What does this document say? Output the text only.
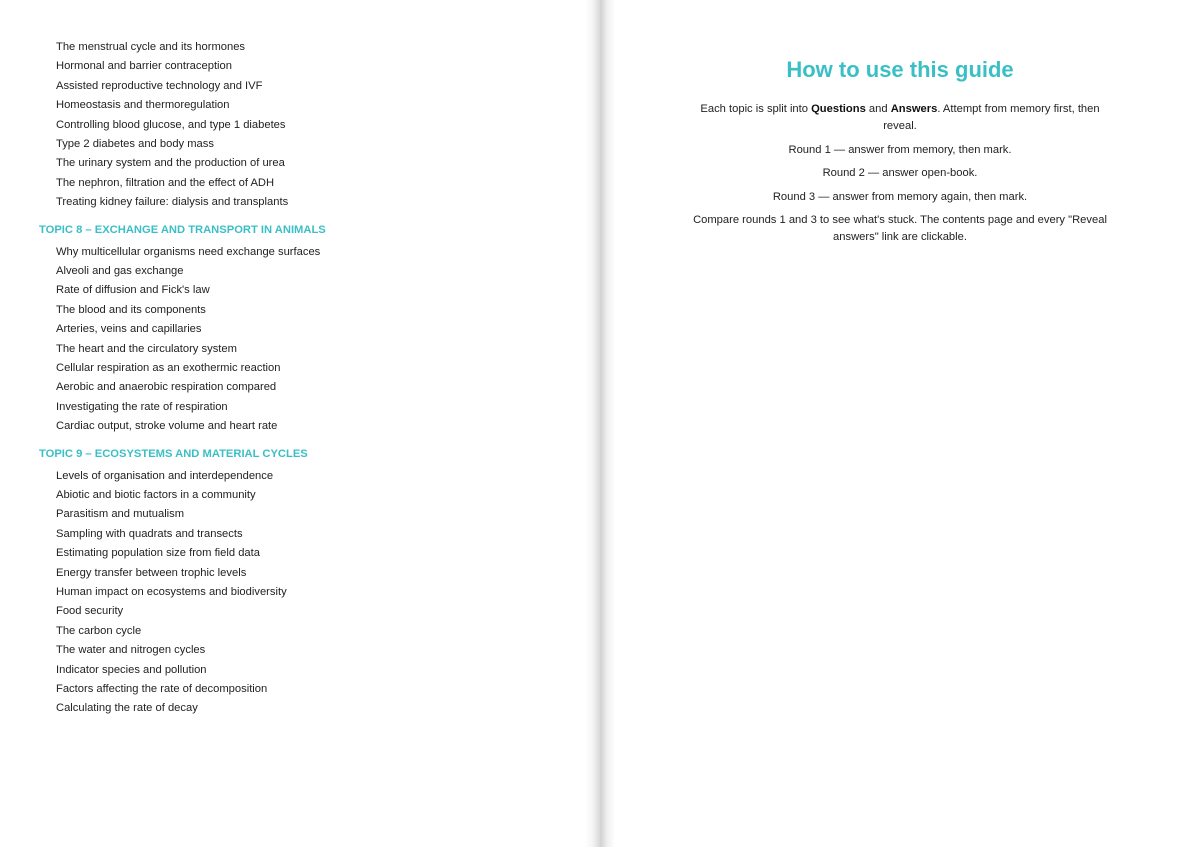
The menstrual cycle and its hormones
Hormonal and barrier contraception
Assisted reproductive technology and IVF
Homeostasis and thermoregulation
Controlling blood glucose, and type 1 diabetes
Type 2 diabetes and body mass
The urinary system and the production of urea
The nephron, filtration and the effect of ADH
Treating kidney failure: dialysis and transplants
TOPIC 8 – EXCHANGE AND TRANSPORT IN ANIMALS
Why multicellular organisms need exchange surfaces
Alveoli and gas exchange
Rate of diffusion and Fick's law
The blood and its components
Arteries, veins and capillaries
The heart and the circulatory system
Cellular respiration as an exothermic reaction
Aerobic and anaerobic respiration compared
Investigating the rate of respiration
Cardiac output, stroke volume and heart rate
TOPIC 9 – ECOSYSTEMS AND MATERIAL CYCLES
Levels of organisation and interdependence
Abiotic and biotic factors in a community
Parasitism and mutualism
Sampling with quadrats and transects
Estimating population size from field data
Energy transfer between trophic levels
Human impact on ecosystems and biodiversity
Food security
The carbon cycle
The water and nitrogen cycles
Indicator species and pollution
Factors affecting the rate of decomposition
Calculating the rate of decay
How to use this guide

Each topic is split into Questions and Answers. Attempt from memory first, then reveal.

Round 1 — answer from memory, then mark.

Round 2 — answer open-book.

Round 3 — answer from memory again, then mark.

Compare rounds 1 and 3 to see what's stuck. The contents page and every "Reveal answers" link are clickable.
